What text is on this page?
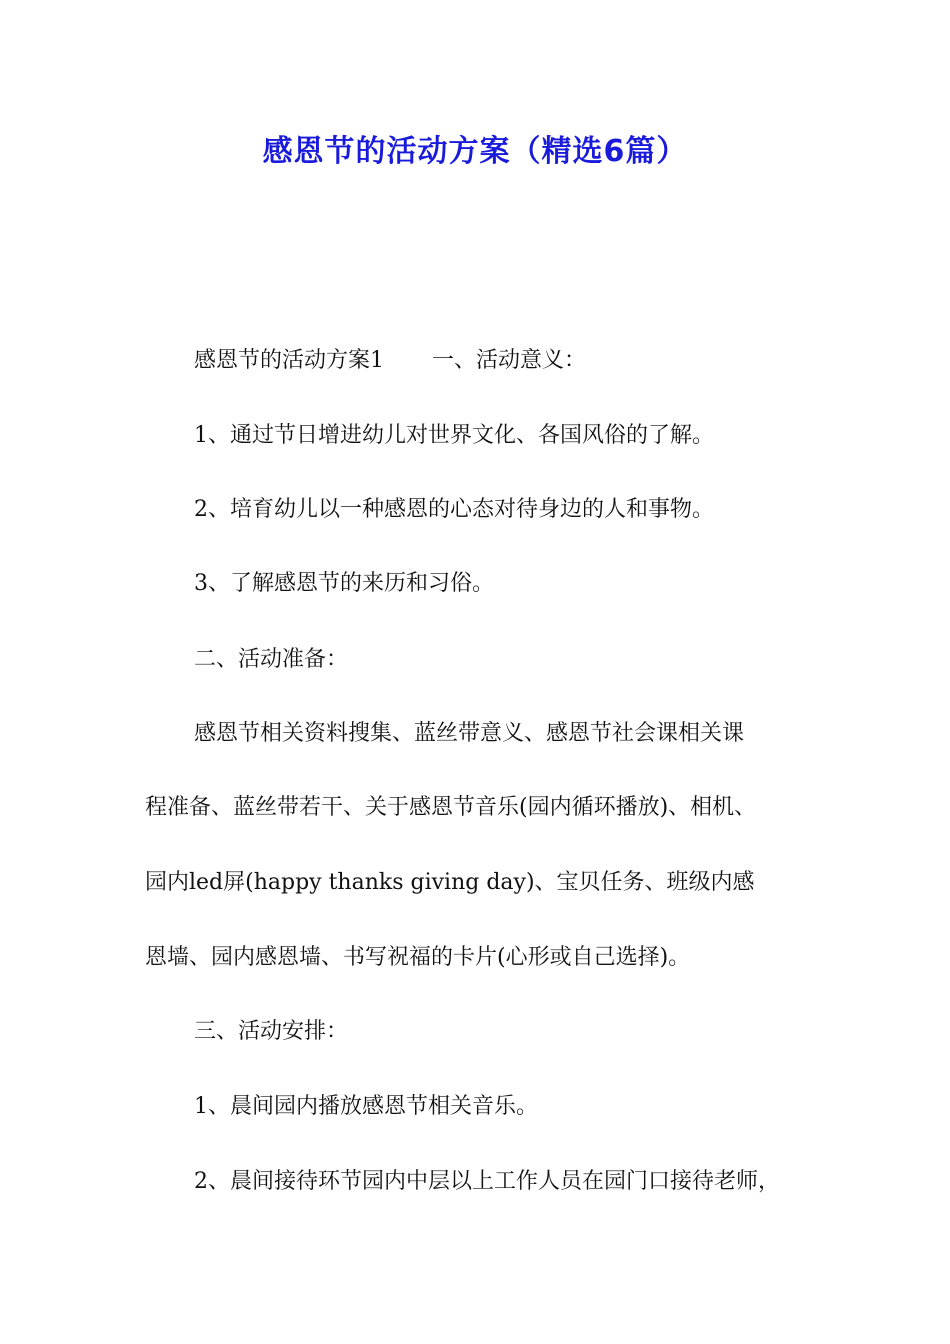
感恩节的活动方案（精选6篇）
感恩节的活动方案1 一、活动意义：
1、通过节日增进幼儿对世界文化、各国风俗的了解。
2、培育幼儿以一种感恩的心态对待身边的人和事物。
3、了解感恩节的来历和习俗。
二、活动准备：
感恩节相关资料搜集、蓝丝带意义、感恩节社会课相关课
程准备、蓝丝带若干、关于感恩节音乐(园内循环播放)、相机、
园内led屏(happy thanks giving day)、宝贝任务、班级内感
恩墙、园内感恩墙、书写祝福的卡片(心形或自己选择)。
三、活动安排：
1、晨间园内播放感恩节相关音乐。
2、晨间接待环节园内中层以上工作人员在园门口接待老师，
